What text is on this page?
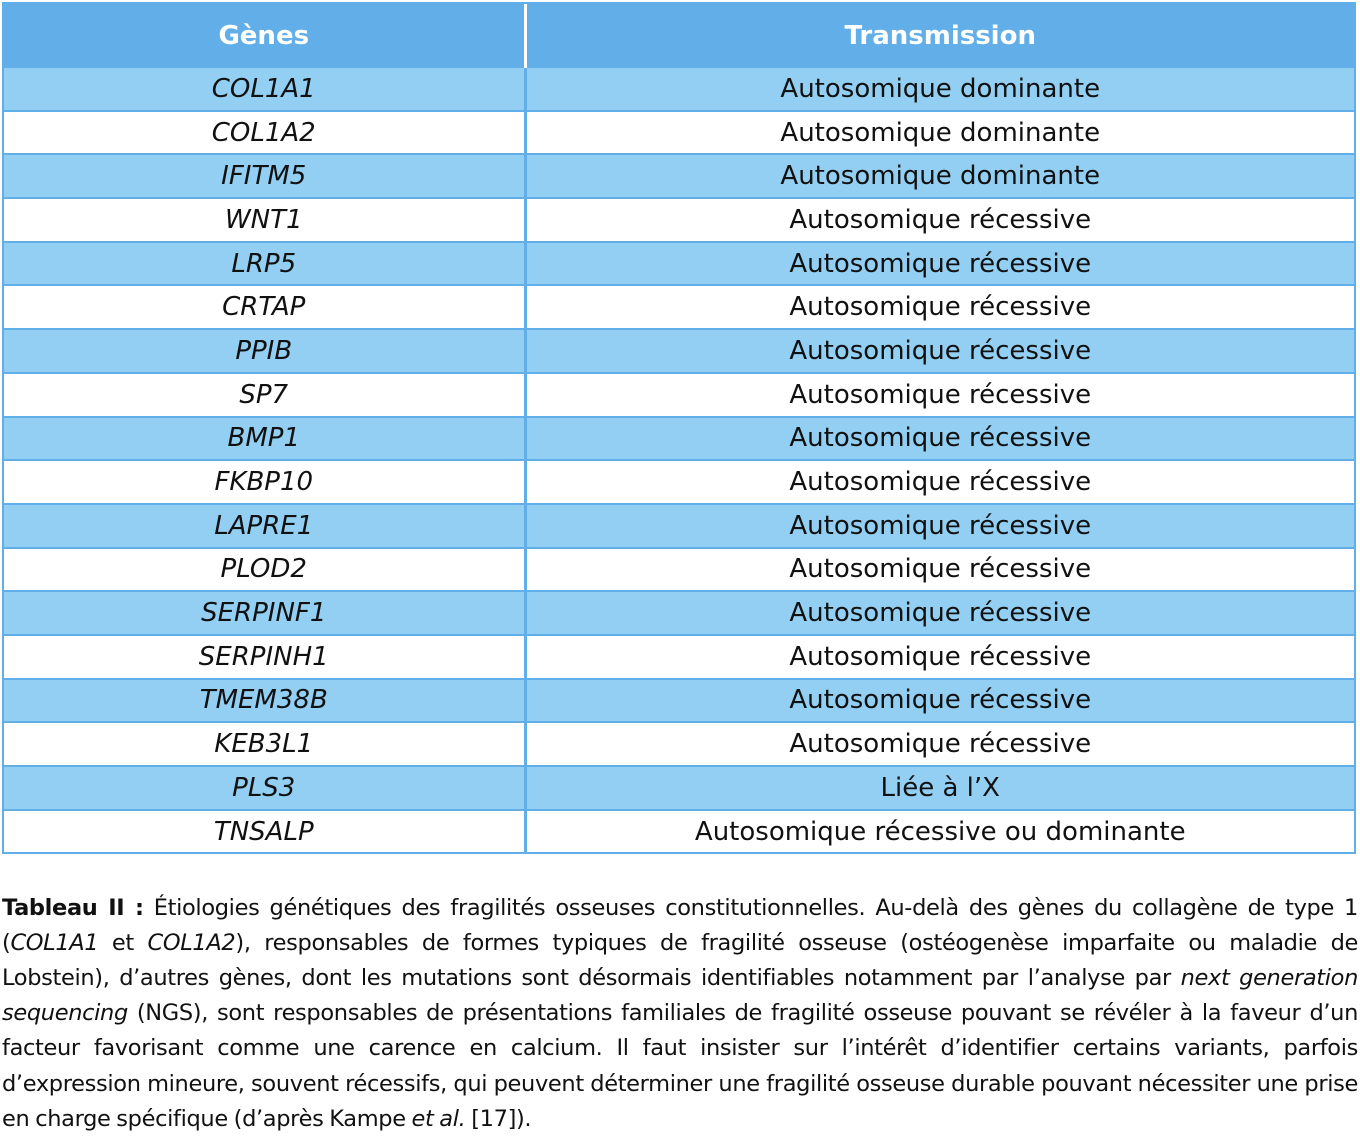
Gènes	Transmission
COL1A1	Autosomique dominante
COL1A2	Autosomique dominante
IFITM5	Autosomique dominante
WNT1	Autosomique récessive
LRP5	Autosomique récessive
CRTAP	Autosomique récessive
PPIB	Autosomique récessive
SP7	Autosomique récessive
BMP1	Autosomique récessive
FKBP10	Autosomique récessive
LAPRE1	Autosomique récessive
PLOD2	Autosomique récessive
SERPINF1	Autosomique récessive
SERPINH1	Autosomique récessive
TMEM38B	Autosomique récessive
KEB3L1	Autosomique récessive
PLS3	Liée à l’X
TNSALP	Autosomique récessive ou dominante

Tableau II : Étiologies génétiques des fragilités osseuses constitutionnelles. Au-delà des gènes du collagène de type 1 (COL1A1 et COL1A2), responsables de formes typiques de fragilité osseuse (ostéogenèse imparfaite ou maladie de Lobstein), d’autres gènes, dont les mutations sont désormais identifiables notamment par l’analyse par next generation sequencing (NGS), sont responsables de présentations familiales de fragilité osseuse pouvant se révéler à la faveur d’un facteur favorisant comme une carence en calcium. Il faut insister sur l’intérêt d’identifier certains variants, parfois d’expression mineure, souvent récessifs, qui peuvent déterminer une fragilité osseuse durable pouvant nécessiter une prise en charge spécifique (d’après Kampe et al. [17]).
